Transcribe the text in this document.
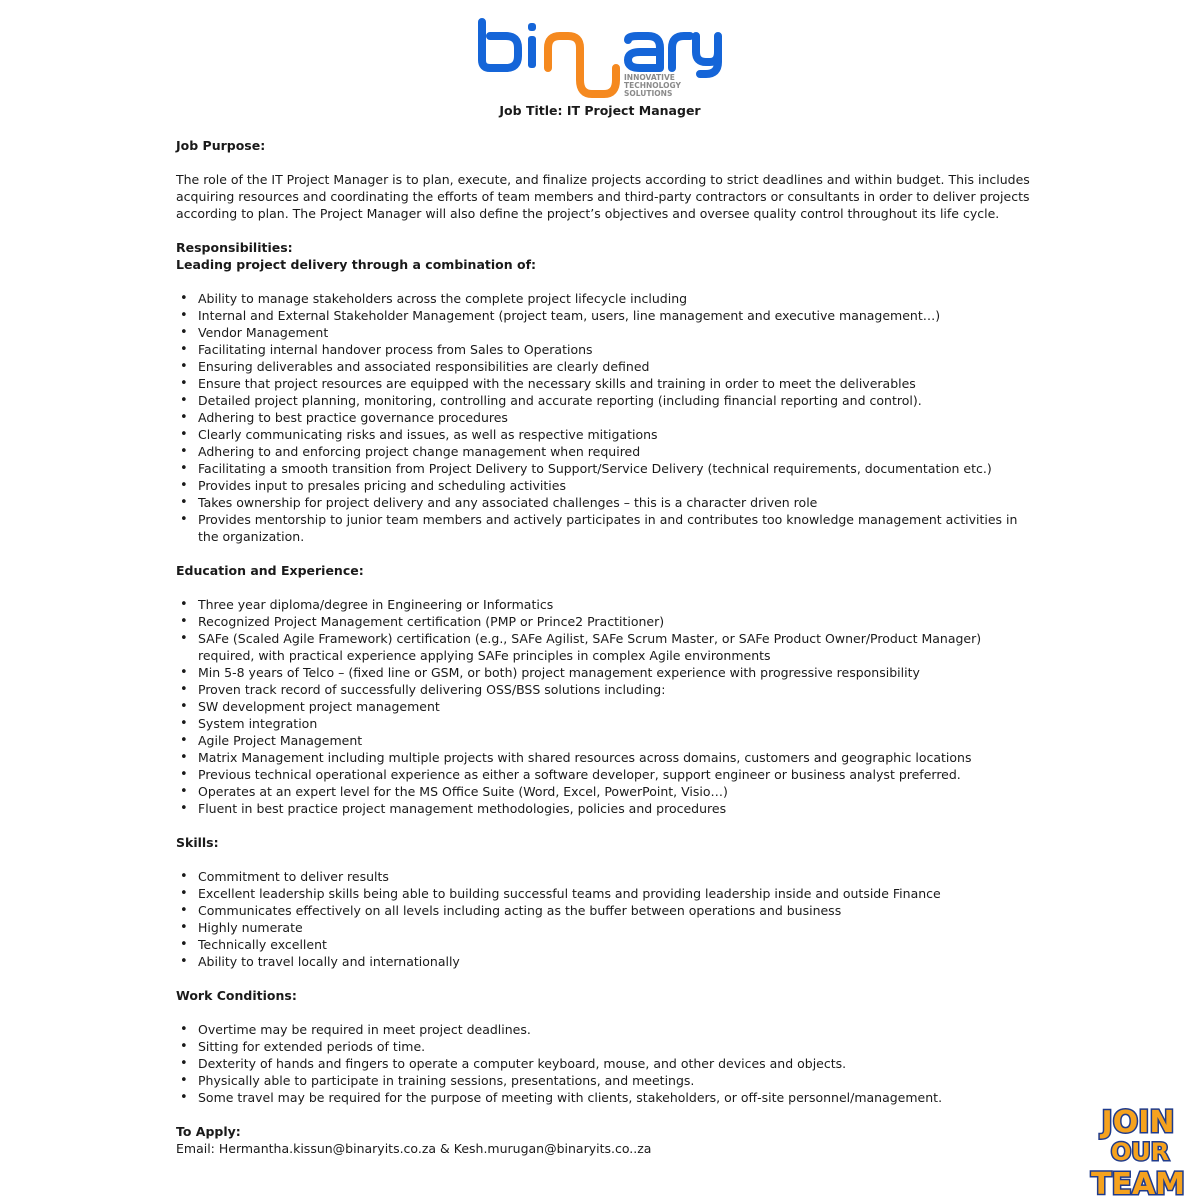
INNOVATIVE
TECHNOLOGY
SOLUTIONS
Job Title: IT Project Manager

Job Purpose:

The role of the IT Project Manager is to plan, execute, and finalize projects according to strict deadlines and within budget. This includes acquiring resources and coordinating the efforts of team members and third-party contractors or consultants in order to deliver projects according to plan. The Project Manager will also define the project’s objectives and oversee quality control throughout its life cycle.

Responsibilities:

Leading project delivery through a combination of:

• Ability to manage stakeholders across the complete project lifecycle including
• Internal and External Stakeholder Management (project team, users, line management and executive management…)
• Vendor Management
• Facilitating internal handover process from Sales to Operations
• Ensuring deliverables and associated responsibilities are clearly defined
• Ensure that project resources are equipped with the necessary skills and training in order to meet the deliverables
• Detailed project planning, monitoring, controlling and accurate reporting (including financial reporting and control).
• Adhering to best practice governance procedures
• Clearly communicating risks and issues, as well as respective mitigations
• Adhering to and enforcing project change management when required
• Facilitating a smooth transition from Project Delivery to Support/Service Delivery (technical requirements, documentation etc.)
• Provides input to presales pricing and scheduling activities
• Takes ownership for project delivery and any associated challenges – this is a character driven role
• Provides mentorship to junior team members and actively participates in and contributes too knowledge management activities in the organization.

Education and Experience:

• Three year diploma/degree in Engineering or Informatics
• Recognized Project Management certification (PMP or Prince2 Practitioner)
• SAFe (Scaled Agile Framework) certification (e.g., SAFe Agilist, SAFe Scrum Master, or SAFe Product Owner/Product Manager) required, with practical experience applying SAFe principles in complex Agile environments
• Min 5-8 years of Telco – (fixed line or GSM, or both) project management experience with progressive responsibility
• Proven track record of successfully delivering OSS/BSS solutions including:
• SW development project management
• System integration
• Agile Project Management
• Matrix Management including multiple projects with shared resources across domains, customers and geographic locations
• Previous technical operational experience as either a software developer, support engineer or business analyst preferred.
• Operates at an expert level for the MS Office Suite (Word, Excel, PowerPoint, Visio…)
• Fluent in best practice project management methodologies, policies and procedures

Skills:

• Commitment to deliver results
• Excellent leadership skills being able to building successful teams and providing leadership inside and outside Finance
• Communicates effectively on all levels including acting as the buffer between operations and business
• Highly numerate
• Technically excellent
• Ability to travel locally and internationally

Work Conditions:

• Overtime may be required in meet project deadlines.
• Sitting for extended periods of time.
• Dexterity of hands and fingers to operate a computer keyboard, mouse, and other devices and objects.
• Physically able to participate in training sessions, presentations, and meetings.
• Some travel may be required for the purpose of meeting with clients, stakeholders, or off-site personnel/management.

To Apply:

Email: Hermantha.kissun@binaryits.co.za & Kesh.murugan@binaryits.co..za

JOIN
OUR
TEAM
